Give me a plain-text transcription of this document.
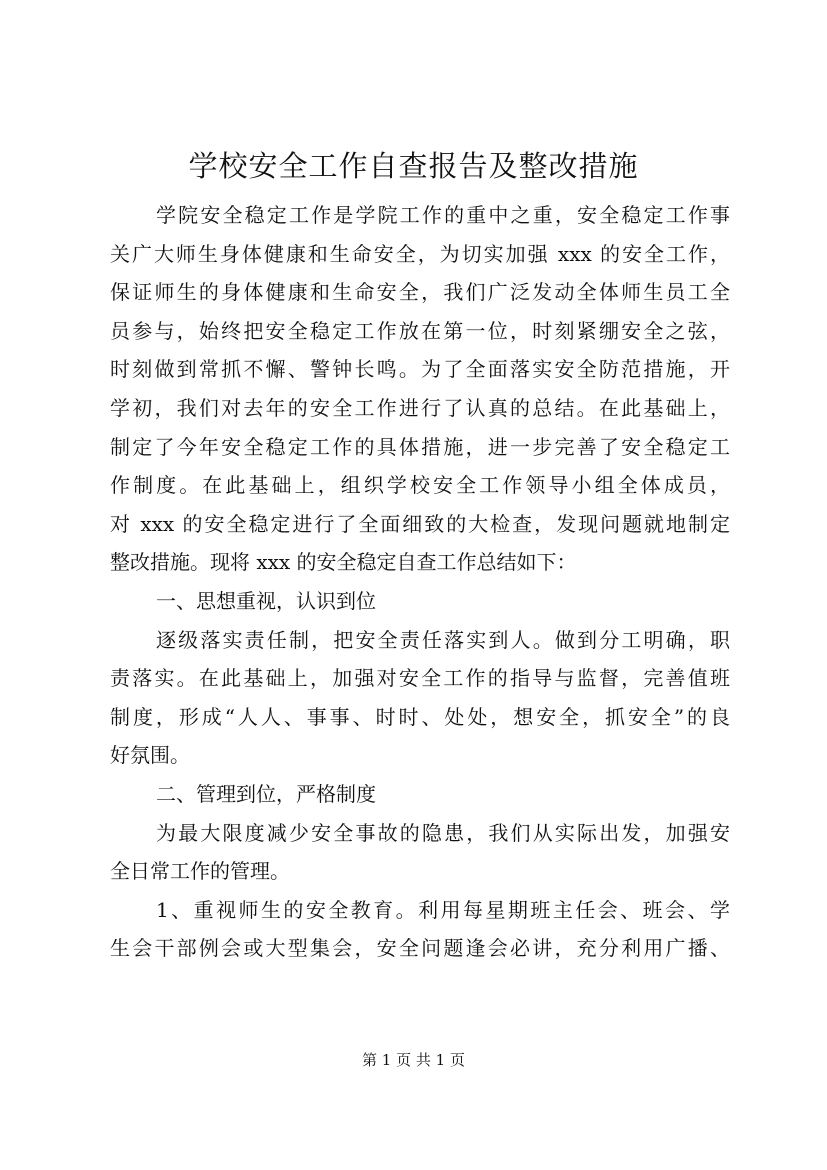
学校安全工作自查报告及整改措施
学院安全稳定工作是学院工作的重中之重，安全稳定工作事
关广大师生身体健康和生命安全，为切实加强 xxx 的安全工作，
保证师生的身体健康和生命安全，我们广泛发动全体师生员工全
员参与，始终把安全稳定工作放在第一位，时刻紧绷安全之弦，
时刻做到常抓不懈、警钟长鸣。为了全面落实安全防范措施，开
学初，我们对去年的安全工作进行了认真的总结。在此基础上，
制定了今年安全稳定工作的具体措施，进一步完善了安全稳定工
作制度。在此基础上，组织学校安全工作领导小组全体成员，
对 xxx 的安全稳定进行了全面细致的大检查，发现问题就地制定
整改措施。现将 xxx 的安全稳定自查工作总结如下：
一、思想重视，认识到位
逐级落实责任制，把安全责任落实到人。做到分工明确，职
责落实。在此基础上，加强对安全工作的指导与监督，完善值班
制度，形成“人人、事事、时时、处处，想安全，抓安全”的良
好氛围。
二、管理到位，严格制度
为最大限度减少安全事故的隐患，我们从实际出发，加强安
全日常工作的管理。
1、重视师生的安全教育。利用每星期班主任会、班会、学
生会干部例会或大型集会，安全问题逢会必讲，充分利用广播、
第 1 页 共 1 页
